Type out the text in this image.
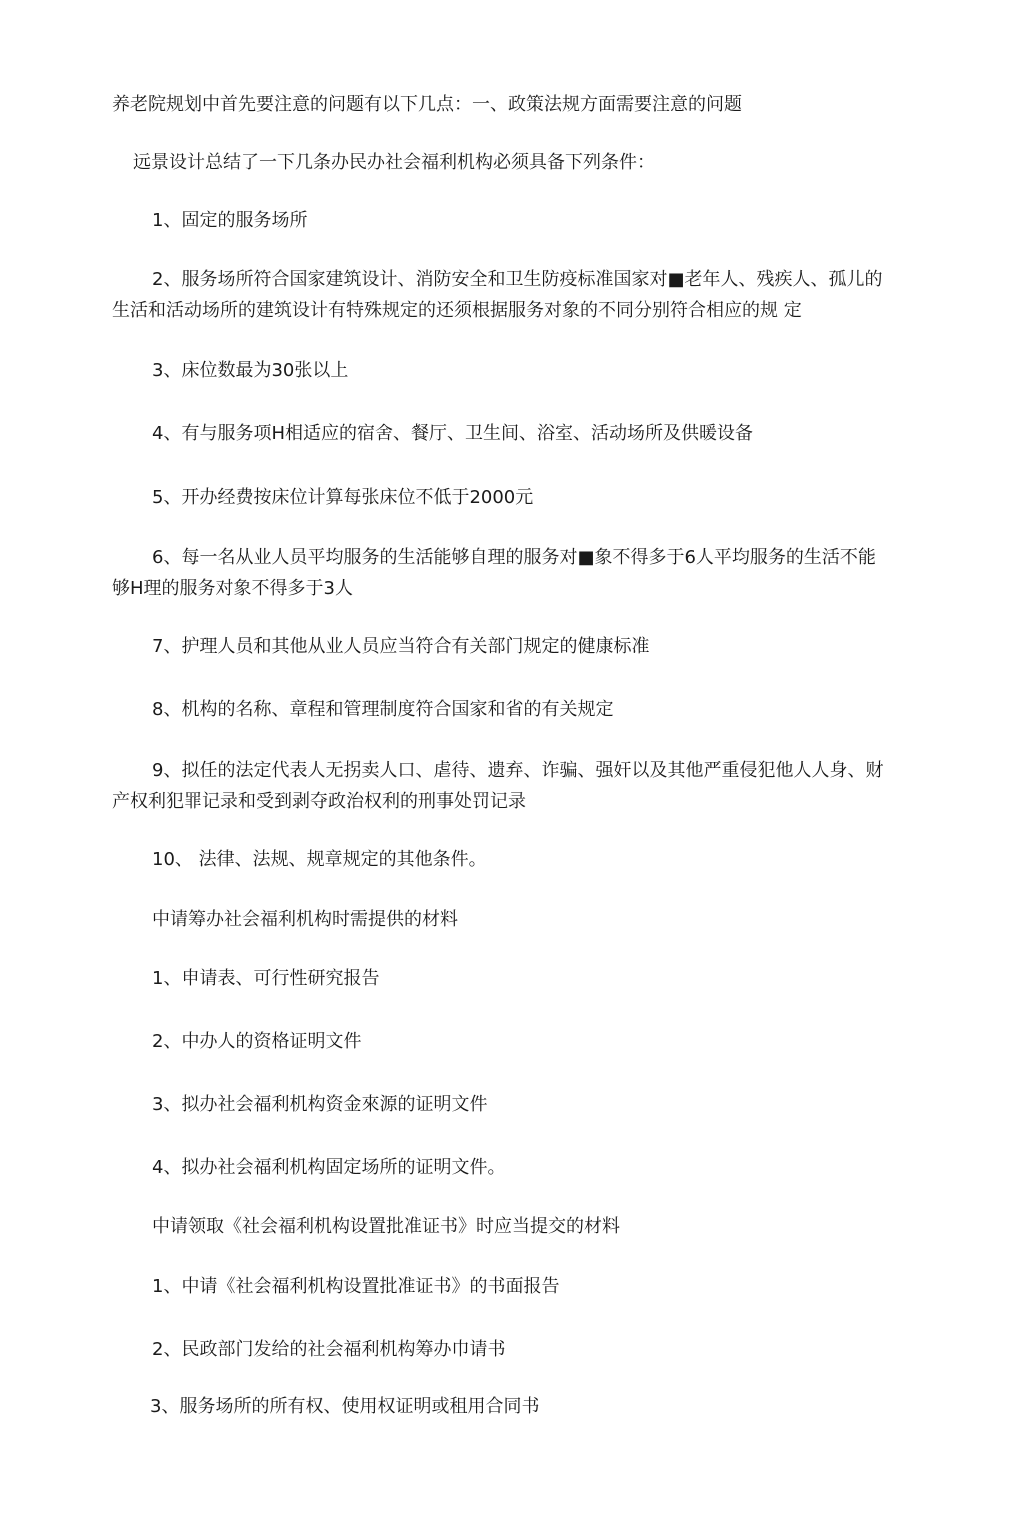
养老院规划中首先要注意的问题有以下几点：一、政策法规方面需要注意的问题

远景设计总结了一下几条办民办社会福利机构必须具备下列条件：

1、固定的服务场所

2、服务场所符合国家建筑设计、消防安全和卫生防疫标准国家对■老年人、残疾人、孤儿的生活和活动场所的建筑设计有特殊规定的还须根据服务对象的不同分别符合相应的规 定

3、床位数最为30张以上

4、有与服务项H相适应的宿舍、餐厅、卫生间、浴室、活动场所及供暖设备

5、开办经费按床位计算每张床位不低于2000元

6、每一名从业人员平均服务的生活能够自理的服务对■象不得多于6人平均服务的生活不能够H理的服务对象不得多于3人

7、护理人员和其他从业人员应当符合有关部门规定的健康标准

8、机构的名称、章程和管理制度符合国家和省的有关规定

9、拟任的法定代表人无拐卖人口、虐待、遗弃、诈骗、强奸以及其他严重侵犯他人人身、财产权利犯罪记录和受到剥夺政治权利的刑事处罚记录

10、 法律、法规、规章规定的其他条件。

中请筹办社会福利机构时需提供的材料

1、申请表、可行性研究报告

2、中办人的资格证明文件

3、拟办社会福利机构资金來源的证明文件

4、拟办社会福利机构固定场所的证明文件。

中请领取《社会福利机构设置批准证书》时应当提交的材料

1、中请《社会福利机构设置批准证书》的书面报告

2、民政部门发给的社会福利机构筹办巾请书

3、服务场所的所有权、使用权证明或租用合同书
